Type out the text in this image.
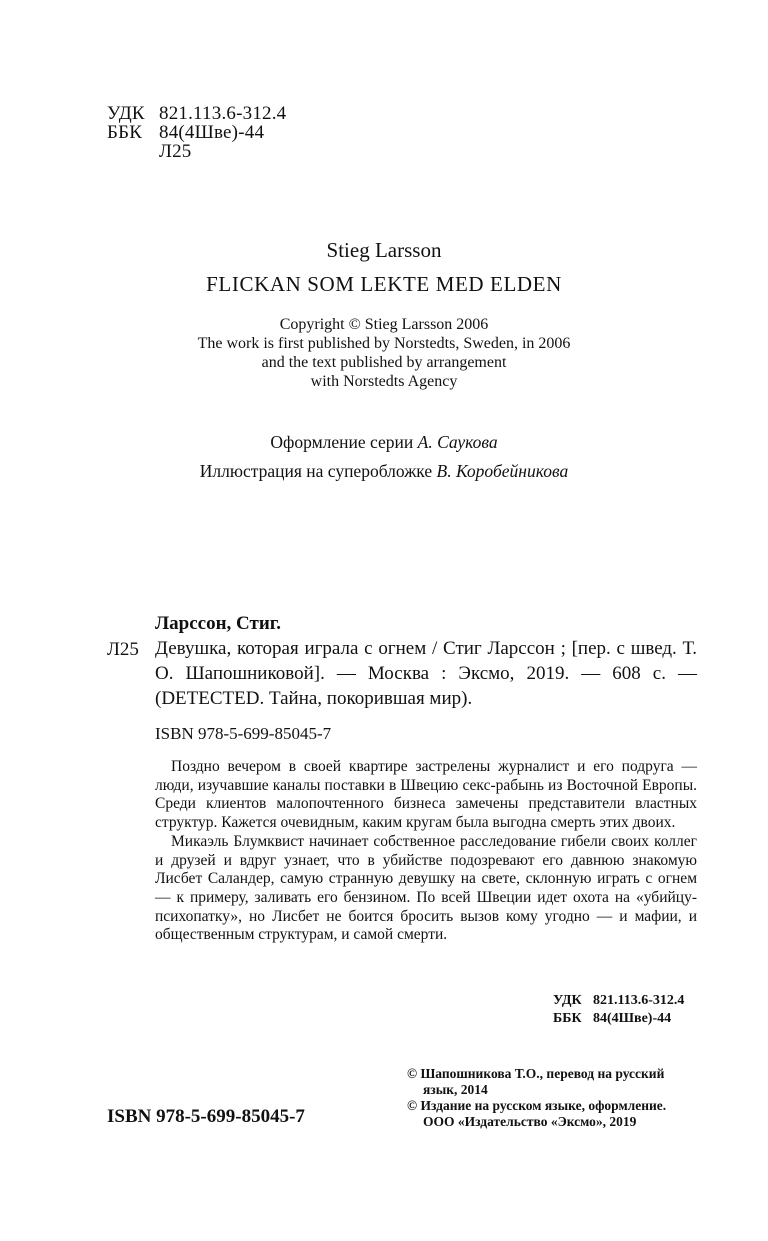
УДК 821.113.6-312.4
ББК 84(4Шве)-44
Л25
Stieg Larsson
FLICKAN SOM LEKTE MED ELDEN
Copyright © Stieg Larsson 2006
The work is first published by Norstedts, Sweden, in 2006
and the text published by arrangement
with Norstedts Agency
Оформление серии А. Саукова
Иллюстрация на суперобложке В. Коробейникова
Ларссон, Стиг.
Л25 Девушка, которая играла с огнем / Стиг Ларссон ; [пер. с швед. Т. О. Шапошниковой]. — Москва : Эксмо, 2019. — 608 с. — (DETECTED. Тайна, покорившая мир).
ISBN 978-5-699-85045-7

Поздно вечером в своей квартире застрелены журналист и его подруга — люди, изучавшие каналы поставки в Швецию секс-рабынь из Восточной Европы. Среди клиентов малопочтенного бизнеса замечены представители властных структур. Кажется очевидным, каким кругам была выгодна смерть этих двоих.

Микаэль Блумквист начинает собственное расследование гибели своих коллег и друзей и вдруг узнает, что в убийстве подозревают его давнюю знакомую Лисбет Саландер, самую странную девушку на свете, склонную играть с огнем — к примеру, заливать его бензином. По всей Швеции идет охота на «убийцу-психопатку», но Лисбет не боится бросить вызов кому угодно — и мафии, и общественным структурам, и самой смерти.

УДК 821.113.6-312.4
ББК 84(4Шве)-44
© Шапошникова Т.О., перевод на русский язык, 2014
© Издание на русском языке, оформление. ООО «Издательство «Эксмо», 2019
ISBN 978-5-699-85045-7
